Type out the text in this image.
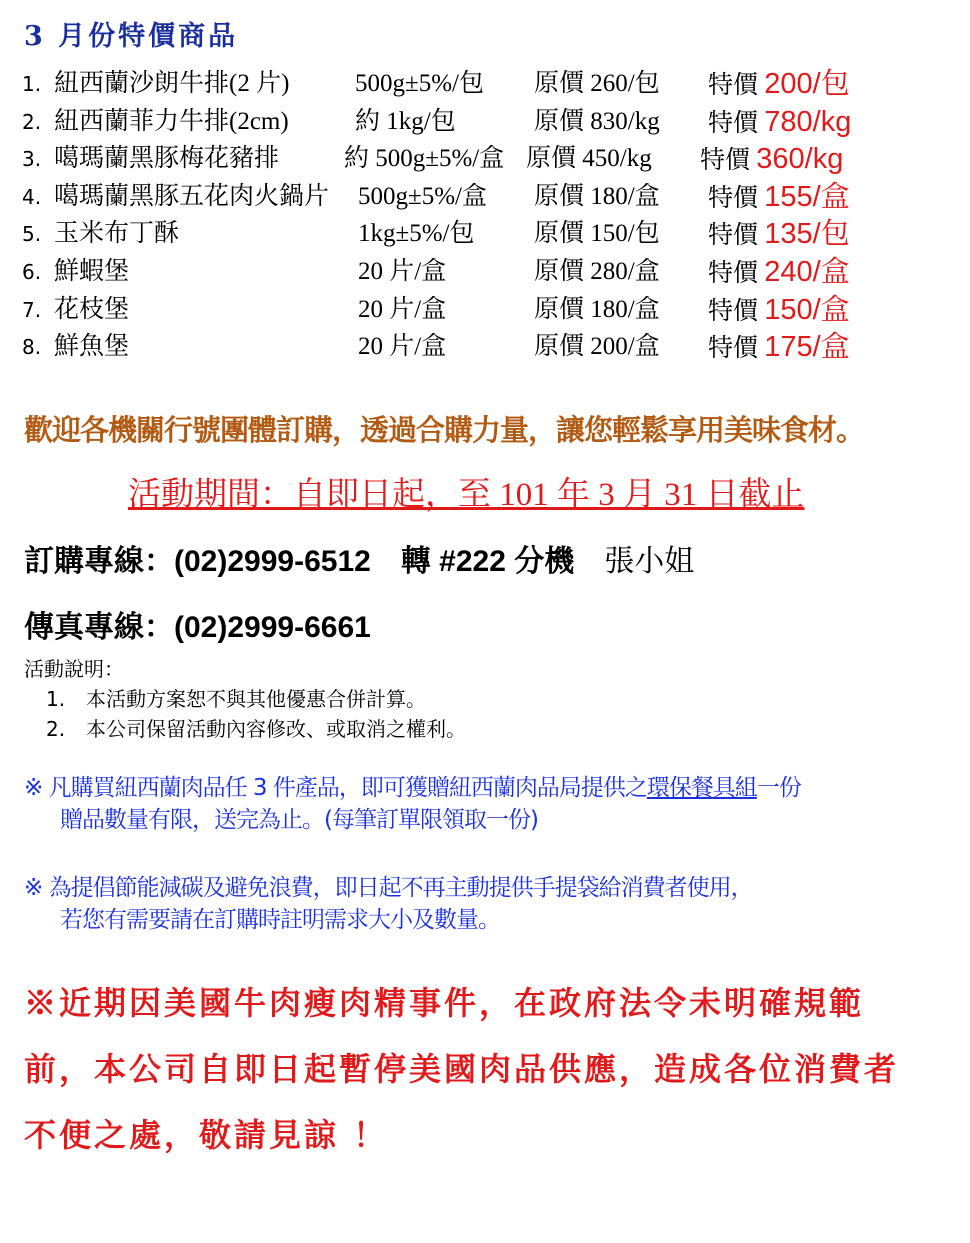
3 月份特價商品
1. 紐西蘭沙朗牛排(2 片)	500g±5%/包 原價 260/包 特價 200/包
2. 紐西蘭菲力牛排(2cm)	約 1kg/包	原價 830/kg 特價 780/kg
3. 噶瑪蘭黑豚梅花豬排	約 500g±5%/盒 原價 450/kg 特價 360/kg
4. 噶瑪蘭黑豚五花肉火鍋片 500g±5%/盒 原價 180/盒 特價 155/盒
5. 玉米布丁酥	1kg±5%/包 原價 150/包 特價 135/包
6. 鮮蝦堡	20 片/盒	原價 280/盒 特價 240/盒
7. 花枝堡	20 片/盒	原價 180/盒 特價 150/盒
8. 鮮魚堡	20 片/盒	原價 200/盒 特價 175/盒
歡迎各機關行號團體訂購，透過合購力量，讓您輕鬆享用美味食材。
活動期間：自即日起，至 101 年 3 月 31 日截止
訂購專線：(02)2999-6512 轉 #222 分機 張小姐
傳真專線：(02)2999-6661
活動說明：
1. 本活動方案恕不與其他優惠合併計算。
2. 本公司保留活動內容修改、或取消之權利。
※ 凡購買紐西蘭肉品任 3 件產品，即可獲贈紐西蘭肉品局提供之環保餐具組一份
贈品數量有限，送完為止。(每筆訂單限領取一份)
※ 為提倡節能減碳及避免浪費，即日起不再主動提供手提袋給消費者使用，
若您有需要請在訂購時註明需求大小及數量。
※近期因美國牛肉瘦肉精事件，在政府法令未明確規範
前，本公司自即日起暫停美國肉品供應，造成各位消費者
不便之處，敬請見諒 ！
